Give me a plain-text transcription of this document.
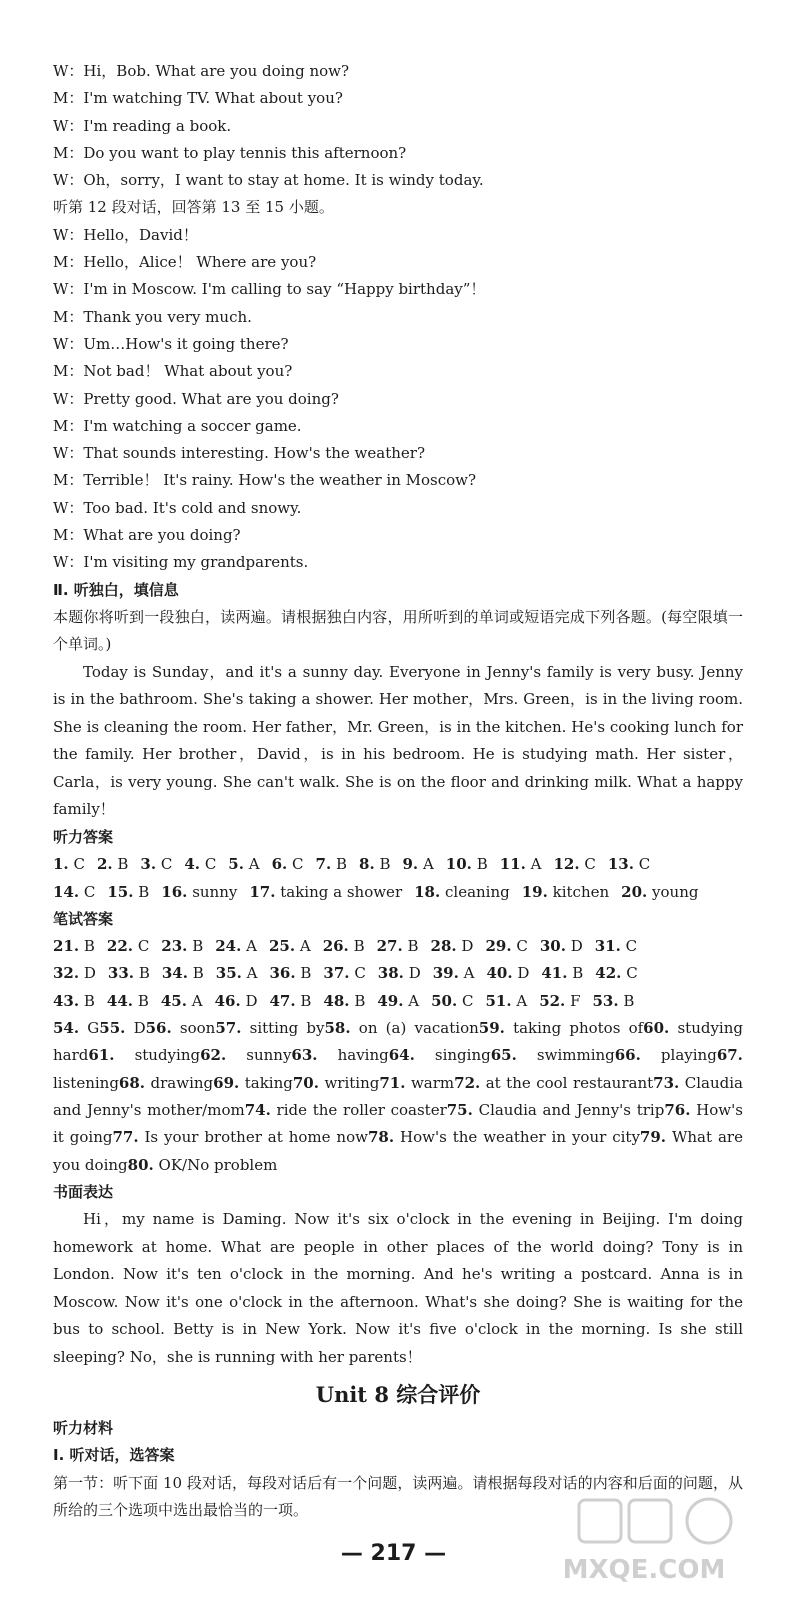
W：Hi，Bob. What are you doing now?
M：I'm watching TV. What about you?
W：I'm reading a book.
M：Do you want to play tennis this afternoon?
W：Oh，sorry，I want to stay at home. It is windy today.
听第 12 段对话，回答第 13 至 15 小题。
W：Hello，David！
M：Hello，Alice！ Where are you?
W：I'm in Moscow. I'm calling to say “Happy birthday”！
M：Thank you very much.
W：Um…How's it going there?
M：Not bad！ What about you?
W：Pretty good. What are you doing?
M：I'm watching a soccer game.
W：That sounds interesting. How's the weather?
M：Terrible！ It's rainy. How's the weather in Moscow?
W：Too bad. It's cold and snowy.
M：What are you doing?
W：I'm visiting my grandparents.
Ⅱ. 听独白，填信息
本题你将听到一段独白，读两遍。请根据独白内容，用所听到的单词或短语完成下列各题。(每空限填一个单词。)
Today is Sunday，and it's a sunny day. Everyone in Jenny's family is very busy. Jenny is in the bathroom. She's taking a shower. Her mother，Mrs. Green，is in the living room. She is cleaning the room. Her father，Mr. Green，is in the kitchen. He's cooking lunch for the family. Her brother，David，is in his bedroom. He is studying math. Her sister，Carla，is very young. She can't walk. She is on the floor and drinking milk. What a happy family！
听力答案
1. C 2. B 3. C 4. C 5. A 6. C 7. B 8. B 9. A 10. B 11. A 12. C 13. C
14. C 15. B 16. sunny 17. taking a shower 18. cleaning 19. kitchen 20. young
笔试答案
21. B 22. C 23. B 24. A 25. A 26. B 27. B 28. D 29. C 30. D 31. C
32. D 33. B 34. B 35. A 36. B 37. C 38. D 39. A 40. D 41. B 42. C
43. B 44. B 45. A 46. D 47. B 48. B 49. A 50. C 51. A 52. F 53. B
54. G55. D56. soon57. sitting by58. on (a) vacation59. taking photos of60. studying hard61. studying62. sunny63. having64. singing65. swimming66. playing67. listening68. drawing69. taking70. writing71. warm72. at the cool restaurant73. Claudia and Jenny's mother/mom74. ride the roller coaster75. Claudia and Jenny's trip76. How's it going77. Is your brother at home now78. How's the weather in your city79. What are you doing80. OK/No problem
书面表达
Hi，my name is Daming. Now it's six o'clock in the evening in Beijing. I'm doing homework at home. What are people in other places of the world doing? Tony is in London. Now it's ten o'clock in the morning. And he's writing a postcard. Anna is in Moscow. Now it's one o'clock in the afternoon. What's she doing? She is waiting for the bus to school. Betty is in New York. Now it's five o'clock in the morning. Is she still sleeping? No，she is running with her parents！
Unit 8 综合评价
听力材料
Ⅰ. 听对话，选答案
第一节：听下面 10 段对话，每段对话后有一个问题，读两遍。请根据每段对话的内容和后面的问题，从所给的三个选项中选出最恰当的一项。
— 217 —
MXQE.COM
